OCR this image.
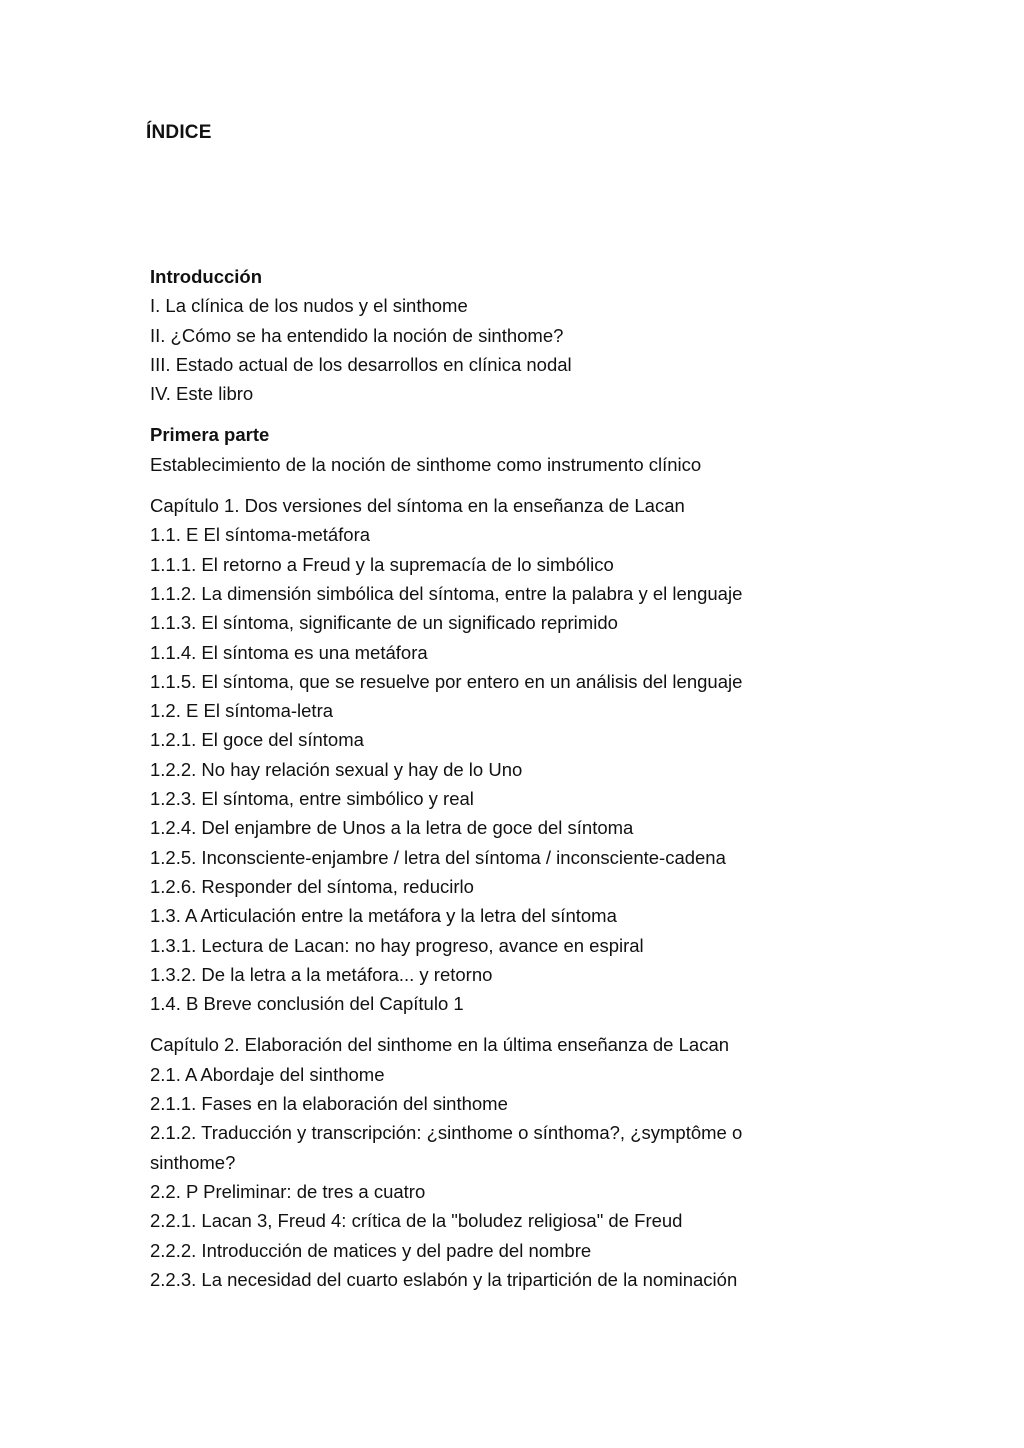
ÍNDICE
Introducción
I. La clínica de los nudos y el sinthome
II. ¿Cómo se ha entendido la noción de sinthome?
III. Estado actual de los desarrollos en clínica nodal
IV. Este libro
Primera parte
Establecimiento de la noción de sinthome como instrumento clínico
Capítulo 1. Dos versiones del síntoma en la enseñanza de Lacan
1.1. E El síntoma-metáfora
1.1.1. El retorno a Freud y la supremacía de lo simbólico
1.1.2. La dimensión simbólica del síntoma, entre la palabra y el lenguaje
1.1.3. El síntoma, significante de un significado reprimido
1.1.4. El síntoma es una metáfora
1.1.5. El síntoma, que se resuelve por entero en un análisis del lenguaje
1.2. E El síntoma-letra
1.2.1. El goce del síntoma
1.2.2. No hay relación sexual y hay de lo Uno
1.2.3. El síntoma, entre simbólico y real
1.2.4. Del enjambre de Unos a la letra de goce del síntoma
1.2.5. Inconsciente-enjambre / letra del síntoma / inconsciente-cadena
1.2.6. Responder del síntoma, reducirlo
1.3. A Articulación entre la metáfora y la letra del síntoma
1.3.1. Lectura de Lacan: no hay progreso, avance en espiral
1.3.2. De la letra a la metáfora... y retorno
1.4. B Breve conclusión del Capítulo 1
Capítulo 2. Elaboración del sinthome en la última enseñanza de Lacan
2.1. A Abordaje del sinthome
2.1.1. Fases en la elaboración del sinthome
2.1.2. Traducción y transcripción: ¿sinthome o sínthoma?, ¿symptôme o sinthome?
2.2. P Preliminar: de tres a cuatro
2.2.1. Lacan 3, Freud 4: crítica de la "boludez religiosa" de Freud
2.2.2. Introducción de matices y del padre del nombre
2.2.3. La necesidad del cuarto eslabón y la tripartición de la nominación
